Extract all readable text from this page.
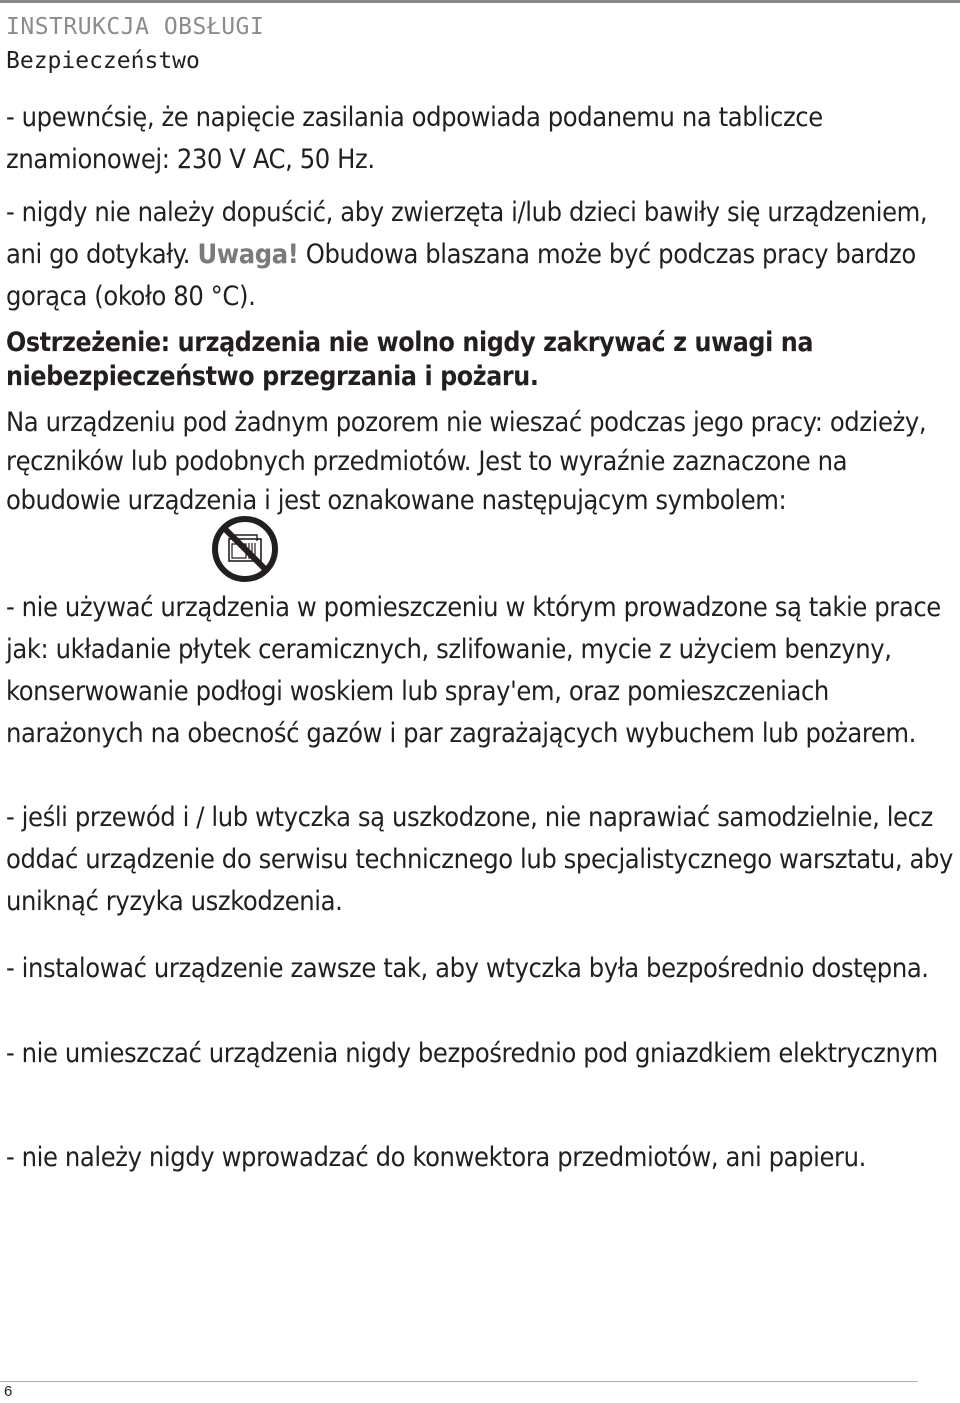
INSTRUKCJA OBSŁUGI
Bezpieczeństwo

- upewnćsię, że napięcie zasilania odpowiada podanemu na tabliczce znamionowej: 230 V AC, 50 Hz.

- nigdy nie należy dopuścić, aby zwierzęta i/lub dzieci bawiły się urządzeniem, ani go dotykały. Uwaga! Obudowa blaszana może być podczas pracy bardzo gorąca (około 80 °C).

Ostrzeżenie: urządzenia nie wolno nigdy zakrywać z uwagi na niebezpieczeństwo przegrzania i pożaru.

Na urządzeniu pod żadnym pozorem nie wieszać podczas jego pracy: odzieży, ręczników lub podobnych przedmiotów. Jest to wyraźnie zaznaczone na obudowie urządzenia i jest oznakowane następującym symbolem:

- nie używać urządzenia w pomieszczeniu w którym prowadzone są takie prace jak: układanie płytek ceramicznych, szlifowanie, mycie z użyciem benzyny, konserwowanie podłogi woskiem lub spray'em, oraz pomieszczeniach narażonych na obecność gazów i par zagrażających wybuchem lub pożarem.

- jeśli przewód i / lub wtyczka są uszkodzone, nie naprawiać samodzielnie, lecz oddać urządzenie do serwisu technicznego lub specjalistycznego warsztatu, aby uniknąć ryzyka uszkodzenia.

- instalować urządzenie zawsze tak, aby wtyczka była bezpośrednio dostępna.

- nie umieszczać urządzenia nigdy bezpośrednio pod gniazdkiem elektrycznym

- nie należy nigdy wprowadzać do konwektora przedmiotów, ani papieru.

6
